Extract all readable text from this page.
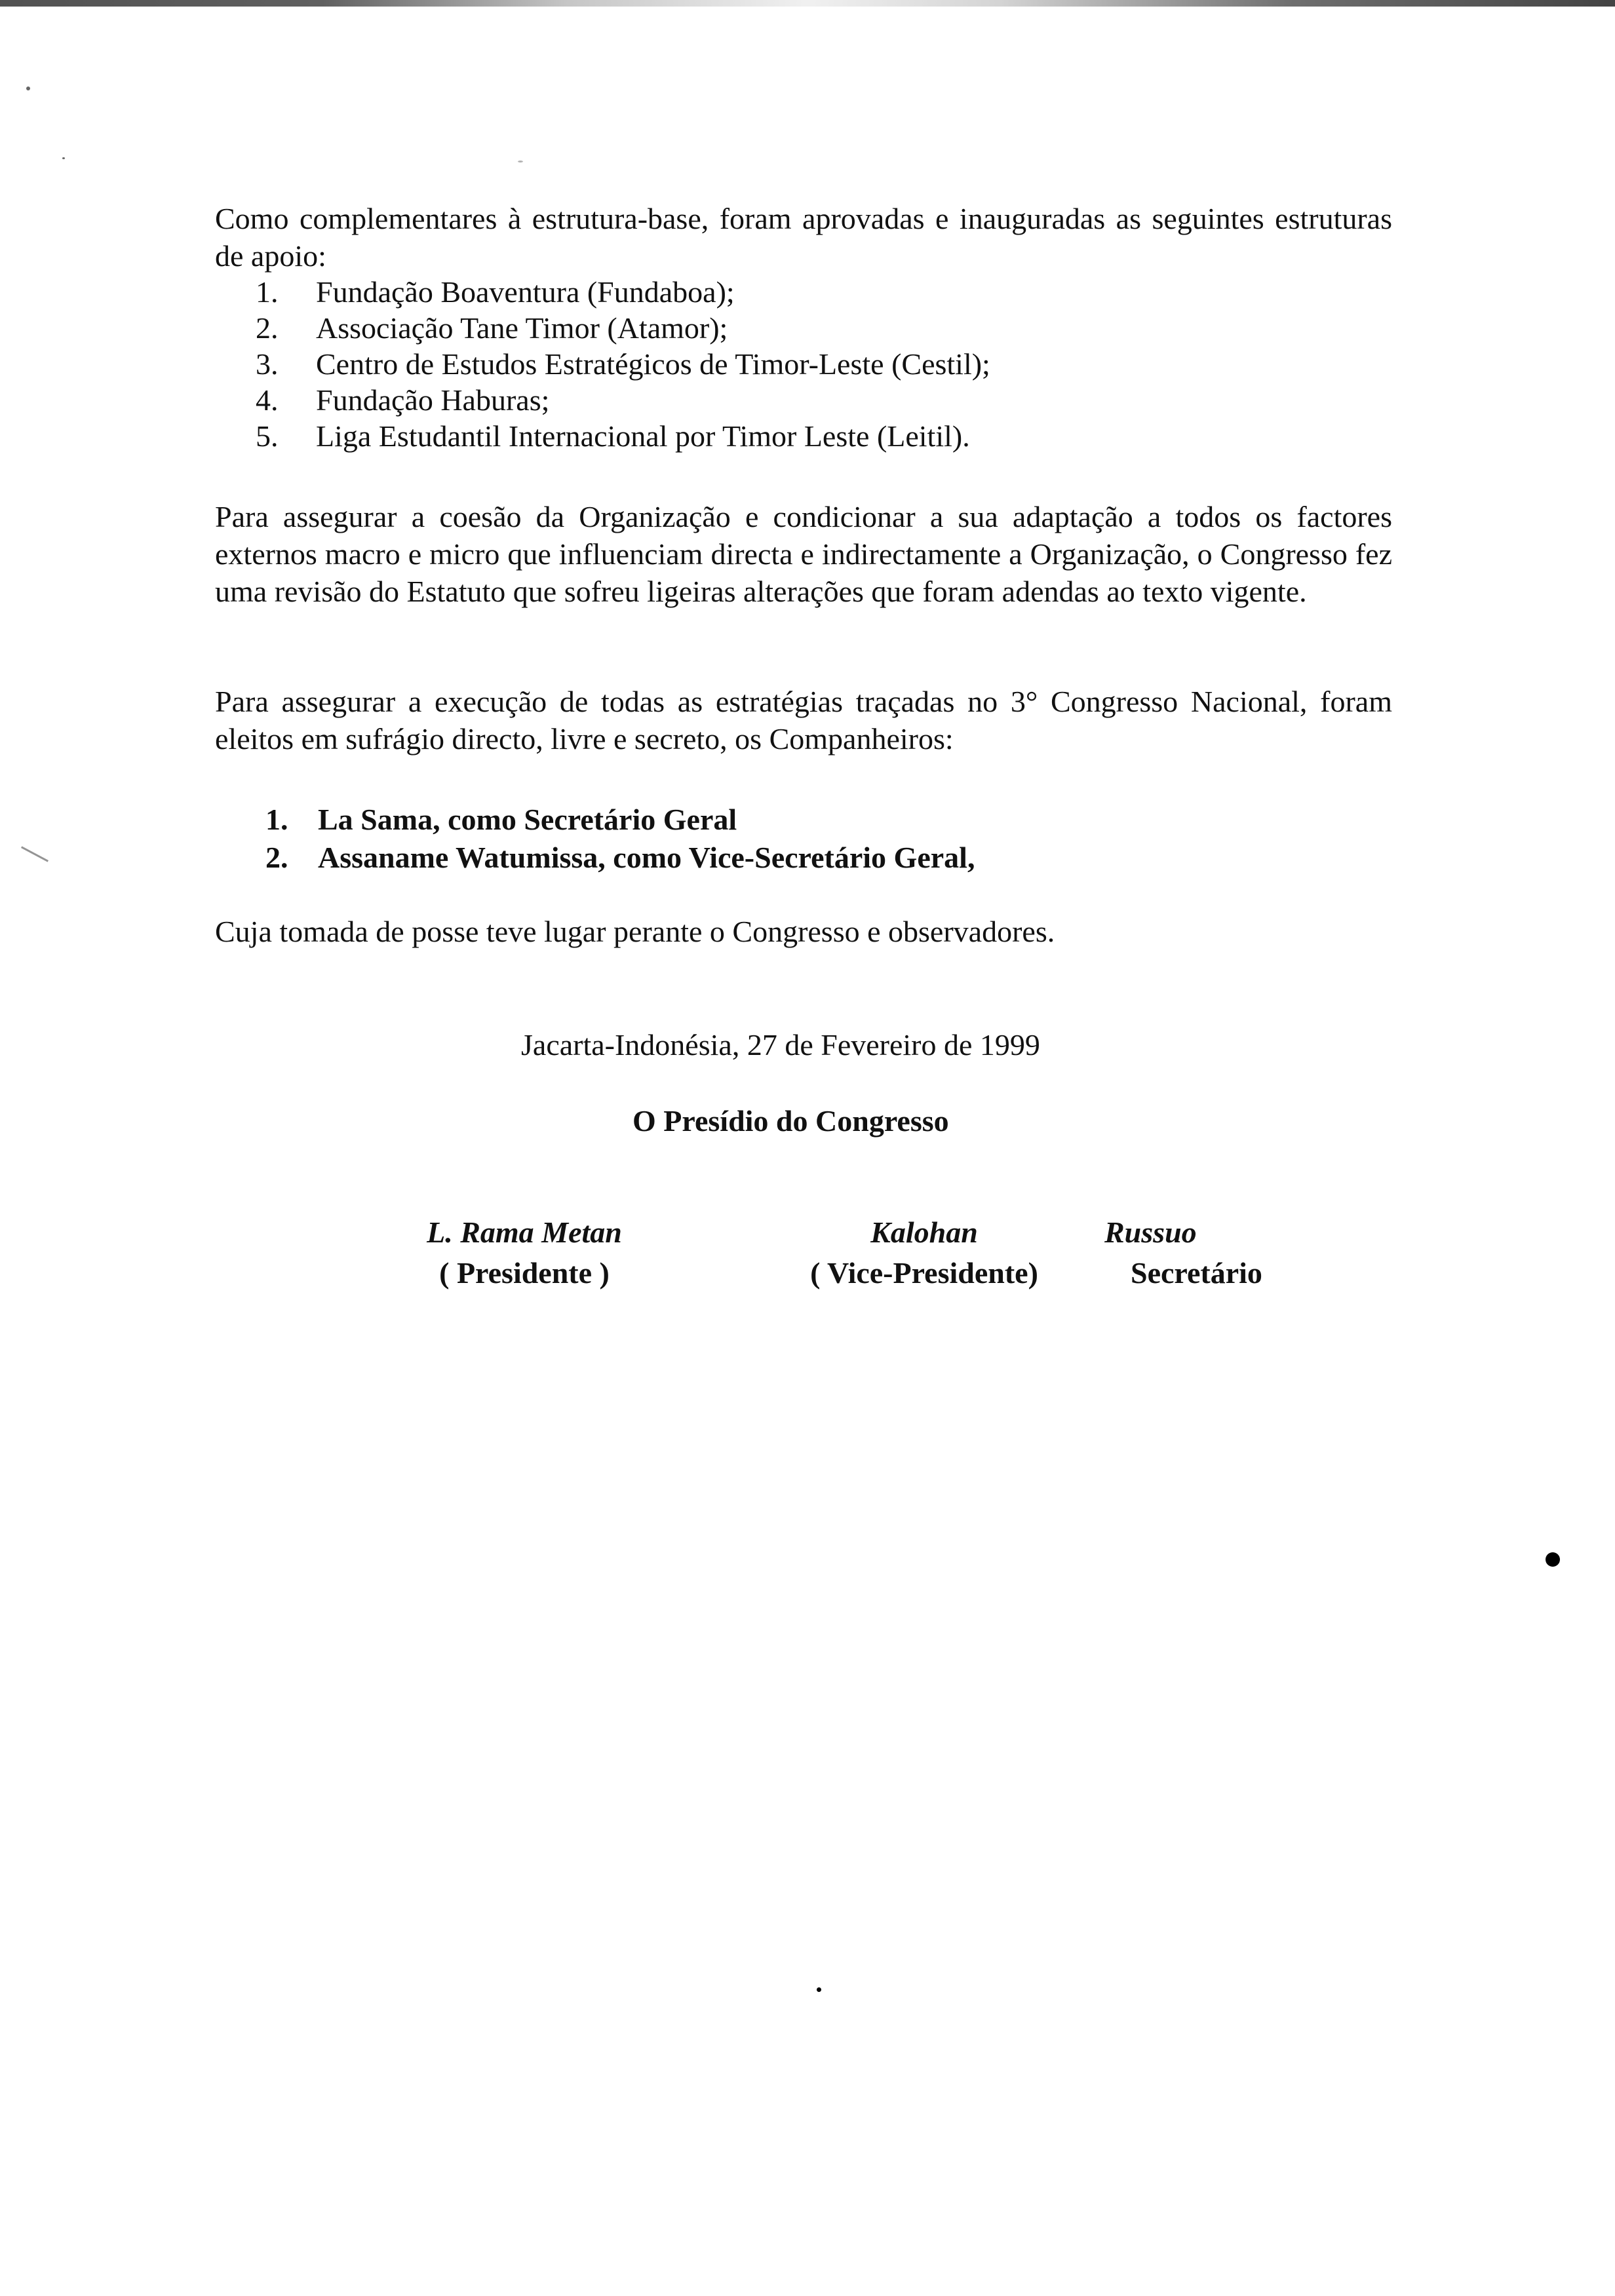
Como complementares à estrutura-base, foram aprovadas e inauguradas as seguintes estruturas de apoio:
1.	Fundação Boaventura (Fundaboa);
2.	Associação Tane Timor (Atamor);
3.	Centro de Estudos Estratégicos de Timor-Leste (Cestil);
4.	Fundação Haburas;
5.	Liga Estudantil Internacional por Timor Leste (Leitil).
Para assegurar a coesão da Organização e condicionar a sua adaptação a todos os factores externos macro e micro que influenciam directa e indirectamente a Organização, o Congresso fez uma revisão do Estatuto que sofreu ligeiras alterações que foram adendas ao texto vigente.
Para assegurar a execução de todas as estratégias traçadas no 3° Congresso Nacional, foram eleitos em sufrágio directo, livre e secreto, os Companheiros:
1. La Sama, como Secretário Geral
2. Assaname Watumissa, como Vice-Secretário Geral,
Cuja tomada de posse teve lugar perante o Congresso e observadores.
Jacarta-Indonésia, 27 de Fevereiro de 1999
O Presídio do Congresso
L. Rama Metan
( Presidente )
Kalohan
( Vice-Presidente)
Russuo
Secretário
